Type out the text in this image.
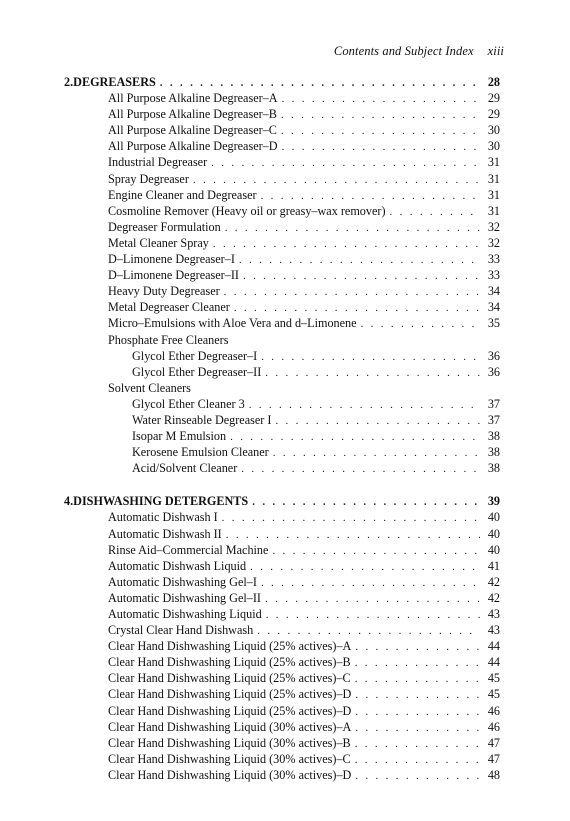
Contents and Subject Index xiii
2. DEGREASERS . . .	28
All Purpose Alkaline Degreaser–A . . .	29
All Purpose Alkaline Degreaser–B . . .	29
All Purpose Alkaline Degreaser–C . . .	30
All Purpose Alkaline Degreaser–D . . .	30
Industrial Degreaser . . .	31
Spray Degreaser . . .	31
Engine Cleaner and Degreaser . . .	31
Cosmoline Remover (Heavy oil or greasy–wax remover) . . .	31
Degreaser Formulation . . .	32
Metal Cleaner Spray . . .	32
D–Limonene Degreaser–I . . .	33
D–Limonene Degreaser–II . . .	33
Heavy Duty Degreaser . . .	34
Metal Degreaser Cleaner . . .	34
Micro–Emulsions with Aloe Vera and d–Limonene . . .	35
Phosphate Free Cleaners
Glycol Ether Degreaser–I . . .	36
Glycol Ether Degreaser–II . . .	36
Solvent Cleaners
Glycol Ether Cleaner 3 . . .	37
Water Rinseable Degreaser I . . .	37
Isopar M Emulsion . . .	38
Kerosene Emulsion Cleaner . . .	38
Acid/Solvent Cleaner . . .	38
4. DISHWASHING DETERGENTS . . .	39
Automatic Dishwash I . . .	40
Automatic Dishwash II . . .	40
Rinse Aid–Commercial Machine . . .	40
Automatic Dishwash Liquid . . .	41
Automatic Dishwashing Gel–I . . .	42
Automatic Dishwashing Gel–II . . .	42
Automatic Dishwashing Liquid . . .	43
Crystal Clear Hand Dishwash . . .	43
Clear Hand Dishwashing Liquid (25% actives)–A . . .	44
Clear Hand Dishwashing Liquid (25% actives)–B . . .	44
Clear Hand Dishwashing Liquid (25% actives)–C . . .	45
Clear Hand Dishwashing Liquid (25% actives)–D . . .	45
Clear Hand Dishwashing Liquid (25% actives)–D . . .	46
Clear Hand Dishwashing Liquid (30% actives)–A . . .	46
Clear Hand Dishwashing Liquid (30% actives)–B . . .	47
Clear Hand Dishwashing Liquid (30% actives)–C . . .	47
Clear Hand Dishwashing Liquid (30% actives)–D . . .	48
